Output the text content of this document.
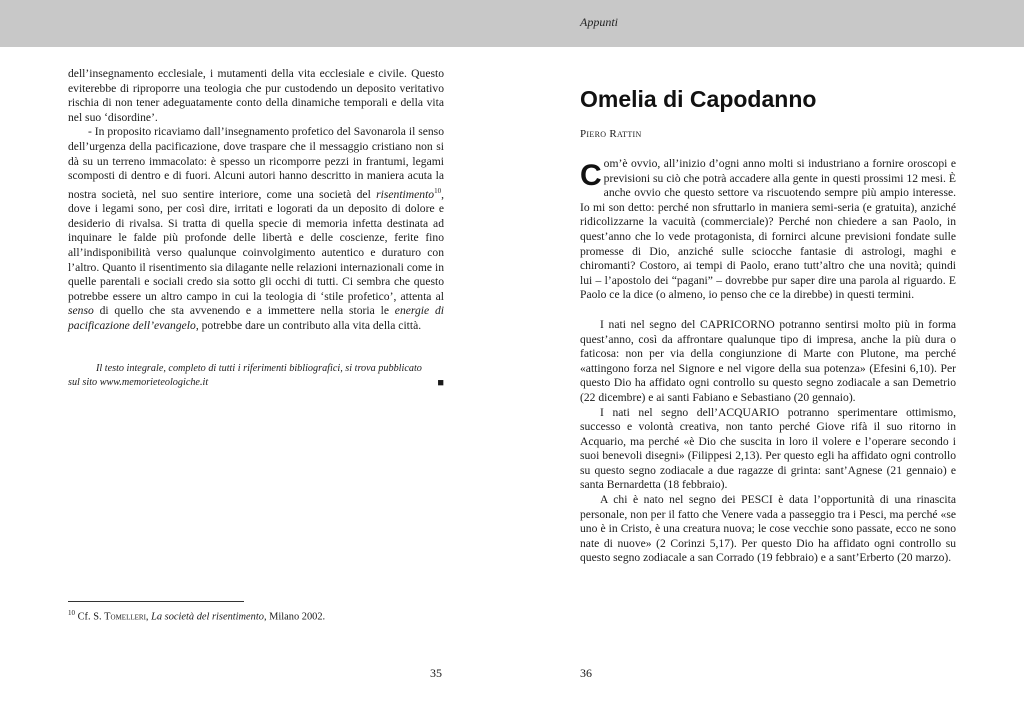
Appunti

dell’insegnamento ecclesiale, i mutamenti della vita ecclesiale e civile. Questo eviterebbe di riproporre una teologia che pur custodendo un deposito veritativo rischia di non tener adeguatamente conto della dinamiche temporali e della vita nel suo ‘disordine’.

- In proposito ricaviamo dall’insegnamento profetico del Savonarola il senso dell’urgenza della pacificazione, dove traspare che il messaggio cristiano non si dà su un terreno immacolato: è spesso un ricomporre pezzi in frantumi, legami scomposti di dentro e di fuori. Alcuni autori hanno descritto in maniera acuta la nostra società, nel suo sentire interiore, come una società del risentimento$^{10}$, dove i legami sono, per così dire, irritati e logorati da un deposito di dolore e desiderio di rivalsa. Si tratta di quella specie di memoria infetta destinata ad inquinare le falde più profonde delle libertà e delle coscienze, ferite fino all’indisponibilità verso qualunque coinvolgimento autentico e duraturo con l’altro. Quanto il risentimento sia dilagante nelle relazioni internazionali come in quelle parentali e sociali credo sia sotto gli occhi di tutti. Ci sembra che questo potrebbe essere un altro campo in cui la teologia di ‘stile profetico’, attenta al senso di quello che sta avvenendo e a immettere nella storia le energie di pacificazione dell’evangelo, potrebbe dare un contributo alla vita della città.

Il testo integrale, completo di tutti i riferimenti bibliografici, si trova pubblicato sul sito www.memorieteologiche.it	■
$^{10}$ Cf. S. Tomelleri, La società del risentimento, Milano 2002.
35
Omelia di Capodanno
Piero Rattin

Com’è ovvio, all’inizio d’ogni anno molti si industriano a fornire oroscopi e previsioni su ciò che potrà accadere alla gente in questi prossimi 12 mesi. È anche ovvio che questo settore va riscuotendo sempre più ampio interesse. Io mi son detto: perché non sfruttarlo in maniera semi-seria (e gratuita), anziché ridicolizzarne la vacuità (commerciale)? Perché non chiedere a san Paolo, in quest’anno che lo vede protagonista, di fornirci alcune previsioni fondate sulle promesse di Dio, anziché sulle sciocche fantasie di astrologi, maghi e chiromanti? Costoro, ai tempi di Paolo, erano tutt’altro che una novità; quindi lui – l’apostolo dei “pagani” – dovrebbe pur saper dire una parola al riguardo. E Paolo ce la dice (o almeno, io penso che ce la direbbe) in questi termini.

I nati nel segno del CAPRICORNO potranno sentirsi molto più in forma quest’anno, così da affrontare qualunque tipo di impresa, anche la più dura o faticosa: non per via della congiunzione di Marte con Plutone, ma perché «attingono forza nel Signore e nel vigore della sua potenza» (Efesini 6,10). Per questo Dio ha affidato ogni controllo su questo segno zodiacale a san Demetrio (22 dicembre) e ai santi Fabiano e Sebastiano (20 gennaio).

I nati nel segno dell’ACQUARIO potranno sperimentare ottimismo, successo e volontà creativa, non tanto perché Giove rifà il suo ritorno in Acquario, ma perché «è Dio che suscita in loro il volere e l’operare secondo i suoi benevoli disegni» (Filippesi 2,13). Per questo egli ha affidato ogni controllo su questo segno zodiacale a due ragazze di grinta: sant’Agnese (21 gennaio) e santa Bernardetta (18 febbraio).

A chi è nato nel segno dei PESCI è data l’opportunità di una rinascita personale, non per il fatto che Venere vada a passeggio tra i Pesci, ma perché «se uno è in Cristo, è una creatura nuova; le cose vecchie sono passate, ecco ne sono nate di nuove» (2 Corinzi 5,17). Per questo Dio ha affidato ogni controllo su questo segno zodiacale a san Corrado (19 febbraio) e a sant’Erberto (20 marzo).

36
